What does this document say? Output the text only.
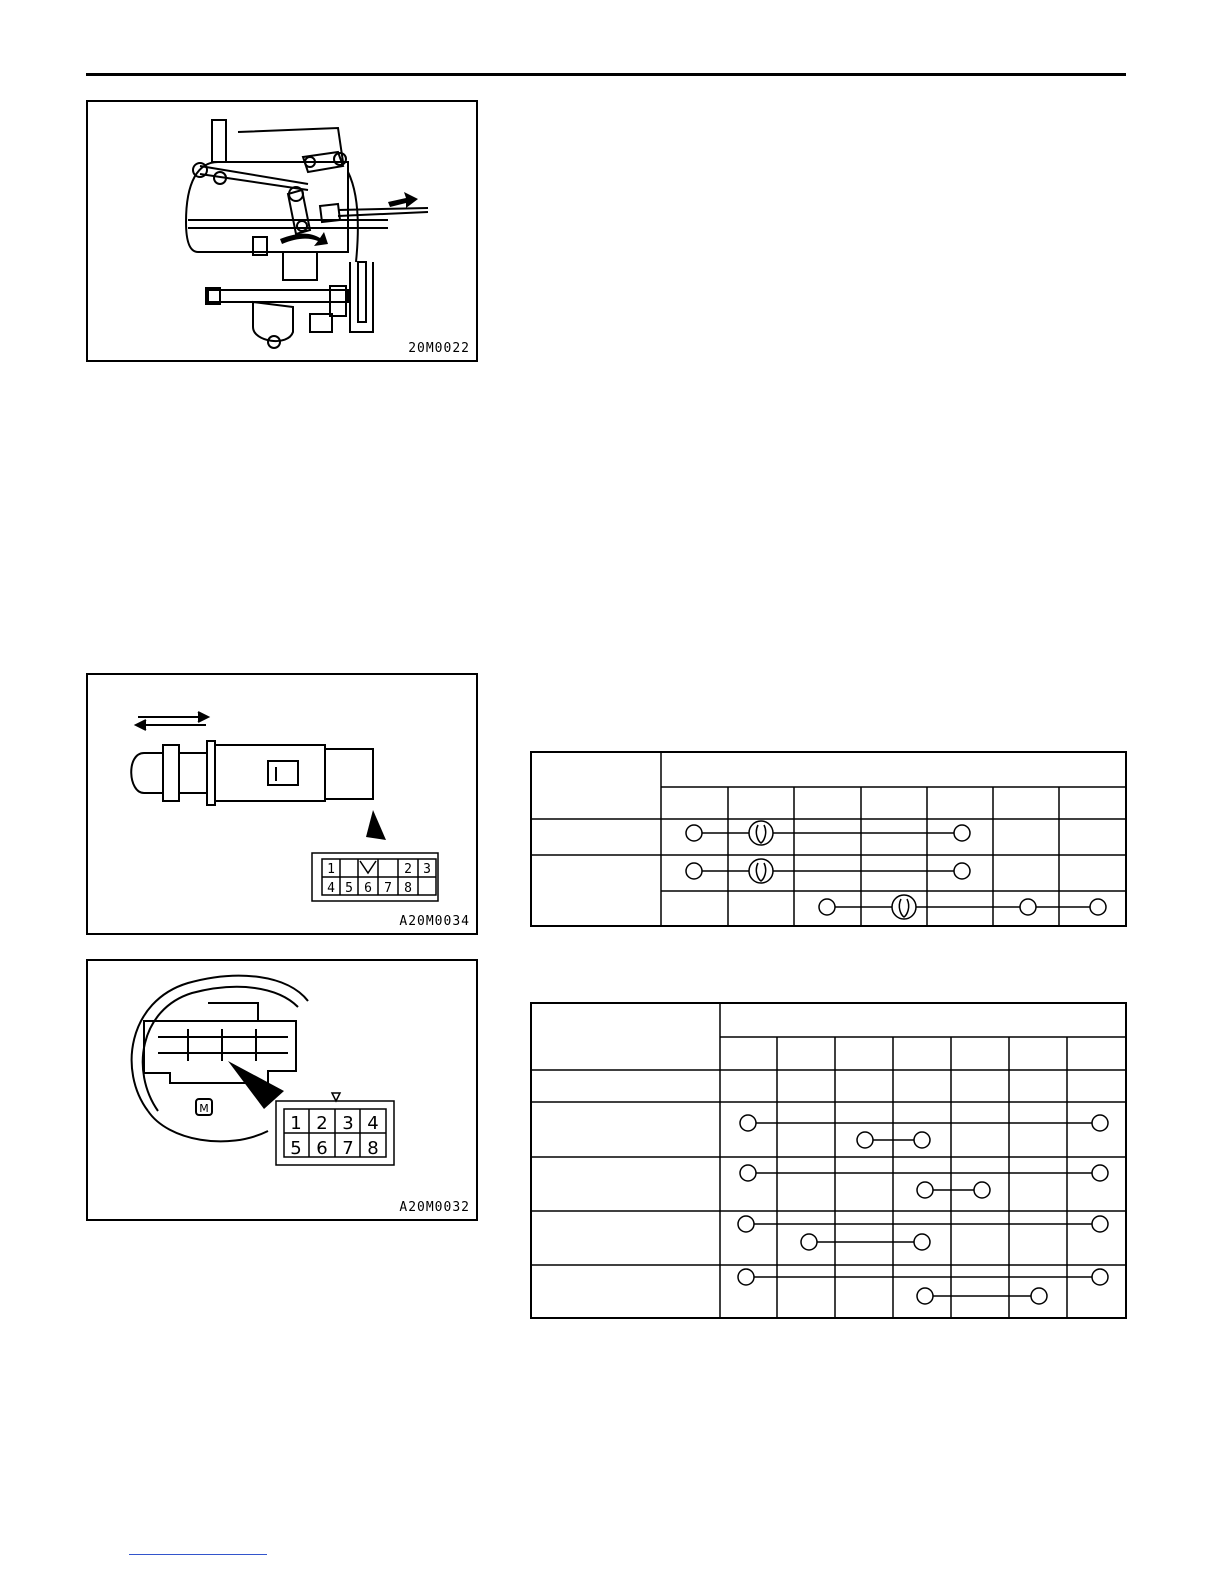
20M0022
1	2 3
4 5 6 7 8
A20M0034
M
1 2 3 4
5 6 7 8
A20M0032
